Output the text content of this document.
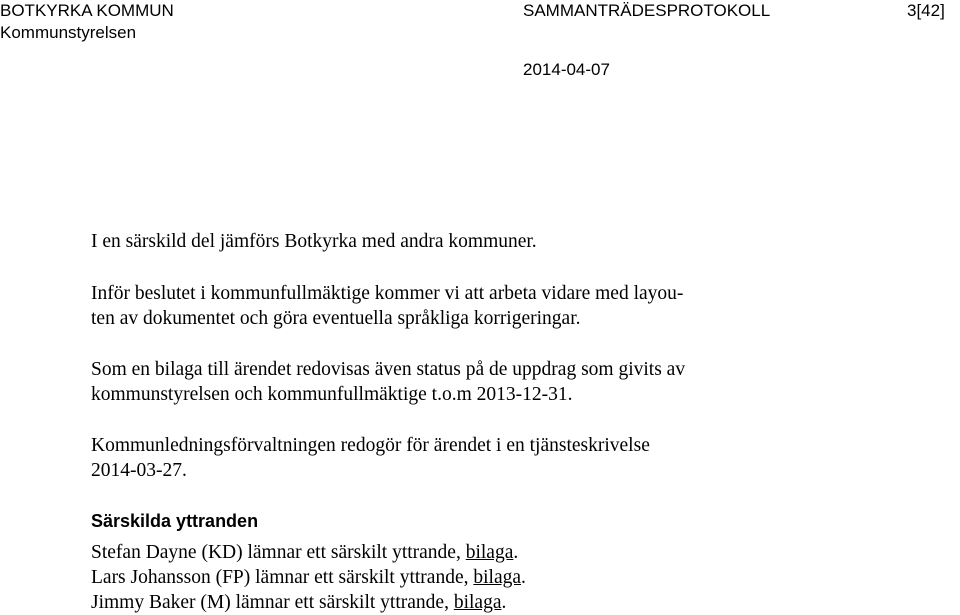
BOTKYRKA KOMMUN
Kommunstyrelsen
SAMMANTRÄDESPROTOKOLL	3[42]
2014-04-07

I en särskild del jämförs Botkyrka med andra kommuner.

Inför beslutet i kommunfullmäktige kommer vi att arbeta vidare med layou-
ten av dokumentet och göra eventuella språkliga korrigeringar.

Som en bilaga till ärendet redovisas även status på de uppdrag som givits av
kommunstyrelsen och kommunfullmäktige t.o.m 2013-12-31.

Kommunledningsförvaltningen redogör för ärendet i en tjänsteskrivelse
2014-03-27.

Särskilda yttranden
Stefan Dayne (KD) lämnar ett särskilt yttrande, bilaga.
Lars Johansson (FP) lämnar ett särskilt yttrande, bilaga.
Jimmy Baker (M) lämnar ett särskilt yttrande, bilaga.
